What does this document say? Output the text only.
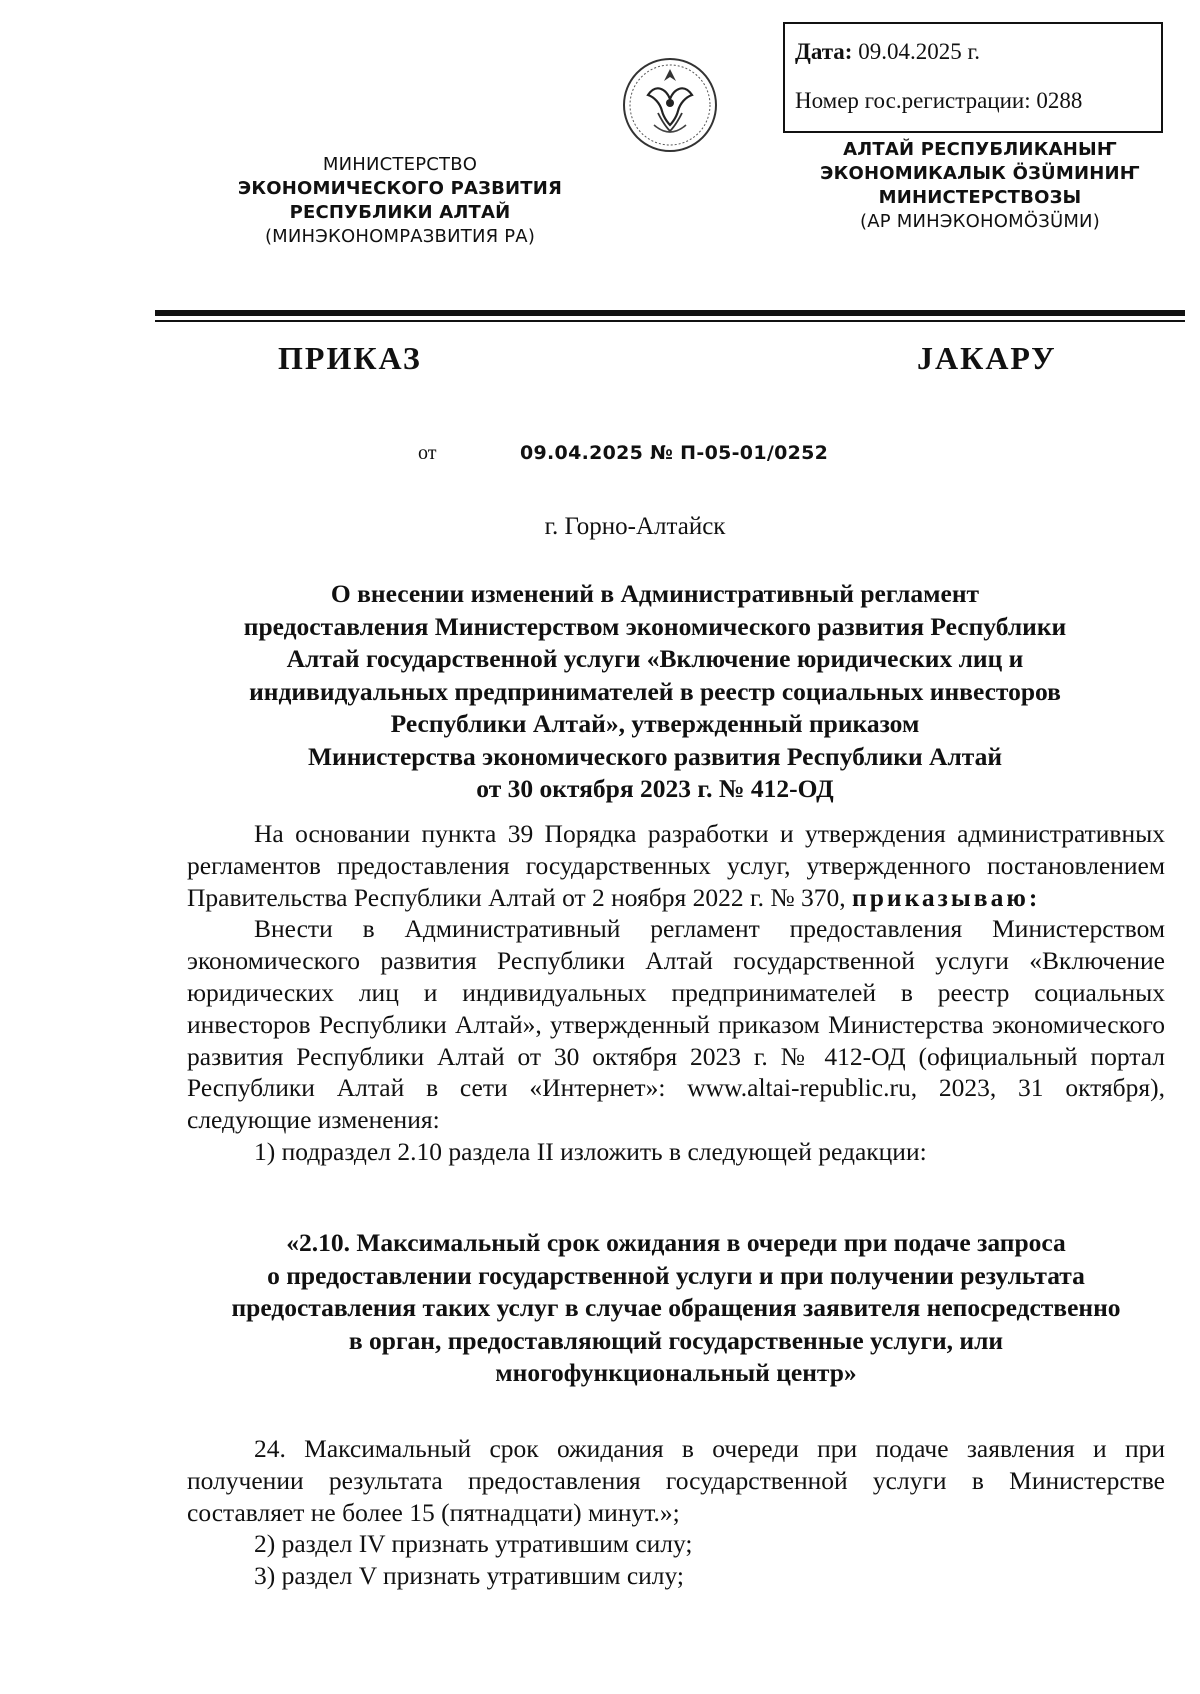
Дата: 09.04.2025 г.
Номер гос.регистрации: 0288
МИНИСТЕРСТВО
ЭКОНОМИЧЕСКОГО РАЗВИТИЯ
РЕСПУБЛИКИ АЛТАЙ
(МИНЭКОНОМРАЗВИТИЯ РА)
АЛТАЙ РЕСПУБЛИКАНЫҤ
ЭКОНОМИКАЛЫК ÖЗÜМИНИҤ
МИНИСТЕРСТВОЗЫ
(АР МИНЭКОНОМÖЗÜМИ)
ПРИКАЗ	JАКАРУ
от	09.04.2025 № П-05-01/0252
г. Горно-Алтайск
О внесении изменений в Административный регламент
предоставления Министерством экономического развития Республики
Алтай государственной услуги «Включение юридических лиц и
индивидуальных предпринимателей в реестр социальных инвесторов
Республики Алтай», утвержденный приказом
Министерства экономического развития Республики Алтай
от 30 октября 2023 г. № 412-ОД

На основании пункта 39 Порядка разработки и утверждения административных регламентов предоставления государственных услуг, утвержденного постановлением Правительства Республики Алтай от 2 ноября 2022 г. № 370, приказываю:

Внести в Административный регламент предоставления Министерством экономического развития Республики Алтай государственной услуги «Включение юридических лиц и индивидуальных предпринимателей в реестр социальных инвесторов Республики Алтай», утвержденный приказом Министерства экономического развития Республики Алтай от 30 октября 2023 г. № 412-ОД (официальный портал Республики Алтай в сети «Интернет»: www.altai-republic.ru, 2023, 31 октября), следующие изменения:

1) подраздел 2.10 раздела II изложить в следующей редакции:

«2.10. Максимальный срок ожидания в очереди при подаче запроса
о предоставлении государственной услуги и при получении результата
предоставления таких услуг в случае обращения заявителя непосредственно
в орган, предоставляющий государственные услуги, или
многофункциональный центр»

24. Максимальный срок ожидания в очереди при подаче заявления и при получении результата предоставления государственной услуги в Министерстве составляет не более 15 (пятнадцати) минут.»;

2) раздел IV признать утратившим силу;

3) раздел V признать утратившим силу;
